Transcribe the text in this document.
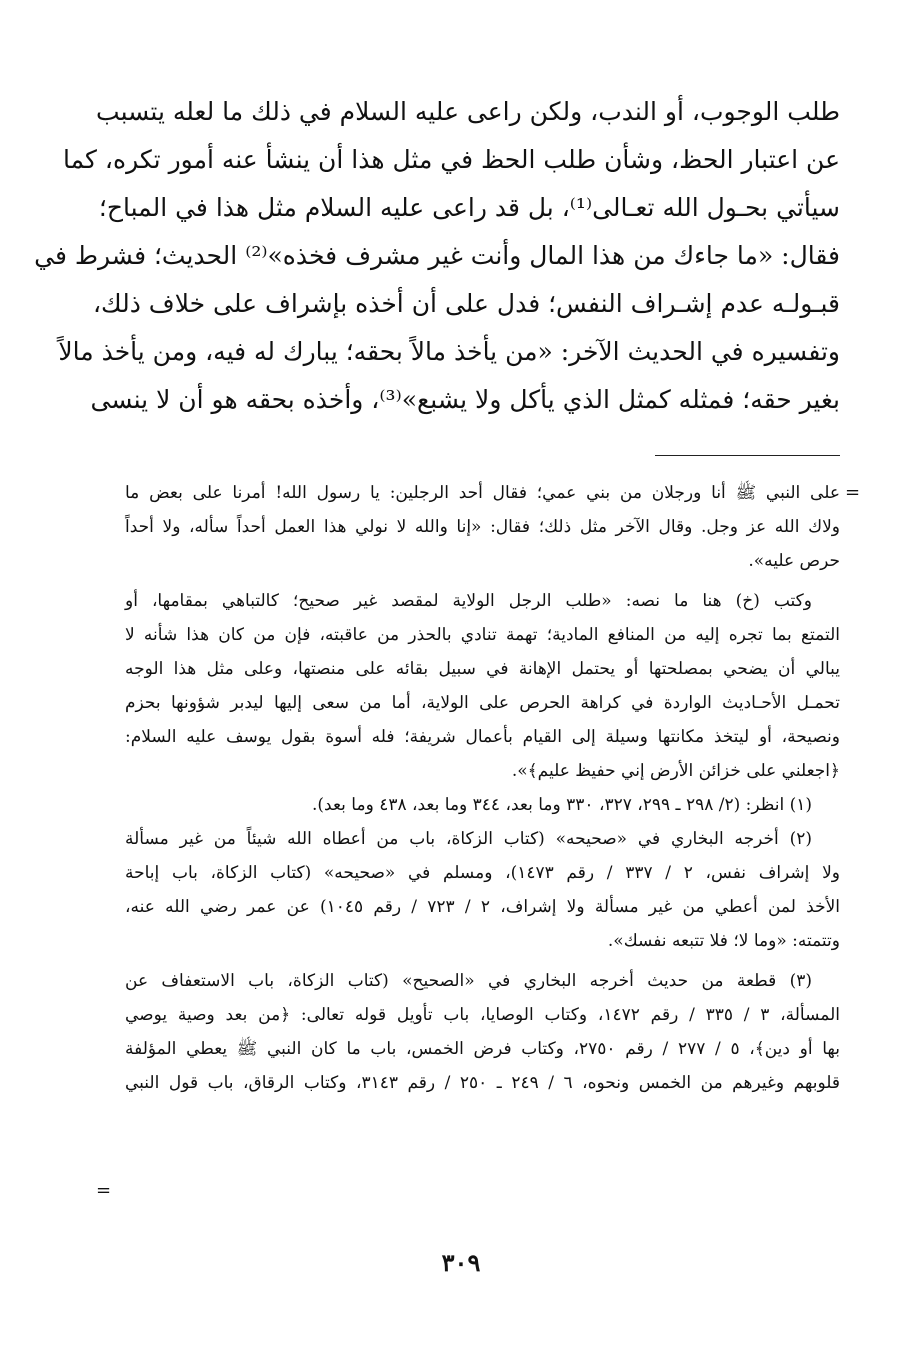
طلب الوجوب، أو الندب، ولكن راعى عليه السلام في ذلك ما لعله يتسبب
عن اعتبار الحظ، وشأن طلب الحظ في مثل هذا أن ينشأ عنه أمور تكره، كما
سيأتي بحـول الله تعـالى⁽¹⁾، بل قد راعى عليه السلام مثل هذا في المباح؛
فقال: «ما جاءك من هذا المال وأنت غير مشرف فخذه»⁽²⁾ الحديث؛ فشرط في
قبـولـه عدم إشـراف النفس؛ فدل على أن أخذه بإشراف على خلاف ذلك،
وتفسيره في الحديث الآخر: «من يأخذ مالاً بحقه؛ يبارك له فيه، ومن يأخذ مالاً
بغير حقه؛ فمثله كمثل الذي يأكل ولا يشبع»⁽³⁾، وأخذه بحقه هو أن لا ينسى
=
=
على النبي ﷺ أنا ورجلان من بني عمي؛ فقال أحد الرجلين: يا رسول الله! أمرنا على بعض ما
ولاك الله عز وجل. وقال الآخر مثل ذلك؛ فقال: «إنا والله لا نولي هذا العمل أحداً سأله، ولا أحداً
حرص عليه».
وكتب (خ) هنا ما نصه: «طلب الرجل الولاية لمقصد غير صحيح؛ كالتباهي بمقامها، أو
التمتع بما تجره إليه من المنافع المادية؛ تهمة تنادي بالحذر من عاقبته، فإن من كان هذا شأنه لا
يبالي أن يضحي بمصلحتها أو يحتمل الإهانة في سبيل بقائه على منصتها، وعلى مثل هذا الوجه
تحمـل الأحـاديث الواردة في كراهة الحرص على الولاية، أما من سعى إليها ليدبر شؤونها بحزم
ونصيحة، أو ليتخذ مكانتها وسيلة إلى القيام بأعمال شريفة؛ فله أسوة بقول يوسف عليه السلام:
﴿اجعلني على خزائن الأرض إني حفيظ عليم﴾».
(١) انظر: (٢/ ٢٩٨ ـ ٢٩٩، ٣٢٧، ٣٣٠ وما بعد، ٣٤٤ وما بعد، ٤٣٨ وما بعد).
(٢) أخرجه البخاري في «صحيحه» (كتاب الزكاة، باب من أعطاه الله شيئاً من غير مسألة
ولا إشراف نفس، ٢ / ٣٣٧ / رقم ١٤٧٣)، ومسلم في «صحيحه» (كتاب الزكاة، باب إباحة
الأخذ لمن أعطي من غير مسألة ولا إشراف، ٢ / ٧٢٣ / رقم ١٠٤٥) عن عمر رضي الله عنه،
وتتمته: «وما لا؛ فلا تتبعه نفسك».
(٣) قطعة من حديث أخرجه البخاري في «الصحيح» (كتاب الزكاة، باب الاستعفاف عن
المسألة، ٣ / ٣٣٥ / رقم ١٤٧٢، وكتاب الوصايا، باب تأويل قوله تعالى: ﴿من بعد وصية يوصي
بها أو دين﴾، ٥ / ٢٧٧ / رقم ٢٧٥٠، وكتاب فرض الخمس، باب ما كان النبي ﷺ يعطي المؤلفة
قلوبهم وغيرهم من الخمس ونحوه، ٦ / ٢٤٩ ـ ٢٥٠ / رقم ٣١٤٣، وكتاب الرقاق، باب قول النبي
٣٠٩
